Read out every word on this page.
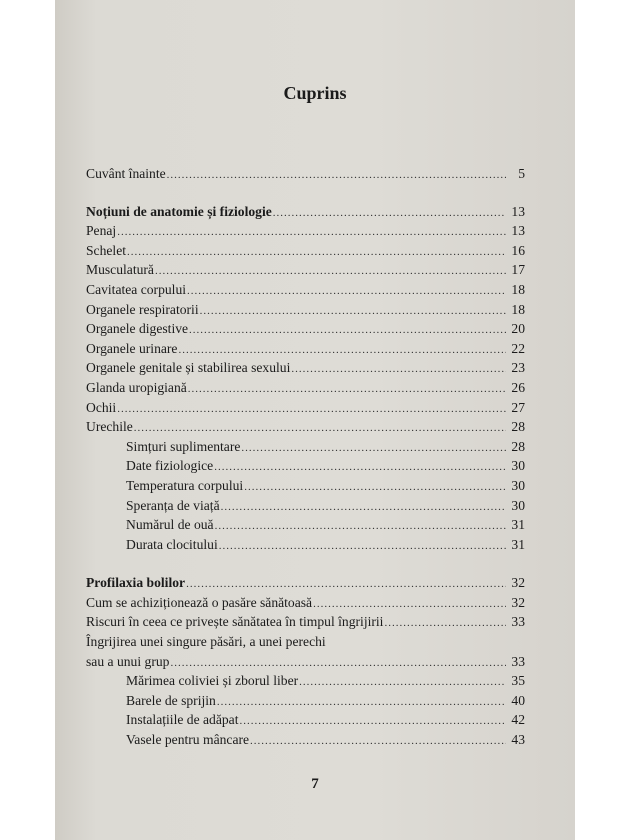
Cuprins
Cuvânt înainte .....	5
Noțiuni de anatomie și fiziologie .....	13
Penaj .....	13
Schelet .....	16
Musculatură .....	17
Cavitatea corpului .....	18
Organele respiratorii .....	18
Organele digestive .....	20
Organele urinare .....	22
Organele genitale și stabilirea sexului .....	23
Glanda uropigiană .....	26
Ochii .....	27
Urechile .....	28
Simțuri suplimentare .....	28
Date fiziologice .....	30
Temperatura corpului .....	30
Speranța de viață .....	30
Numărul de ouă .....	31
Durata clocitului .....	31
Profilaxia bolilor .....	32
Cum se achiziționează o pasăre sănătoasă .....	32
Riscuri în ceea ce privește sănătatea în timpul îngrijirii .....	33
Îngrijirea unei singure păsări, a unei perechi
sau a unui grup .....	33
Mărimea coliviei și zborul liber .....	35
Barele de sprijin .....	40
Instalațiile de adăpat .....	42
Vasele pentru mâncare .....	43
7
